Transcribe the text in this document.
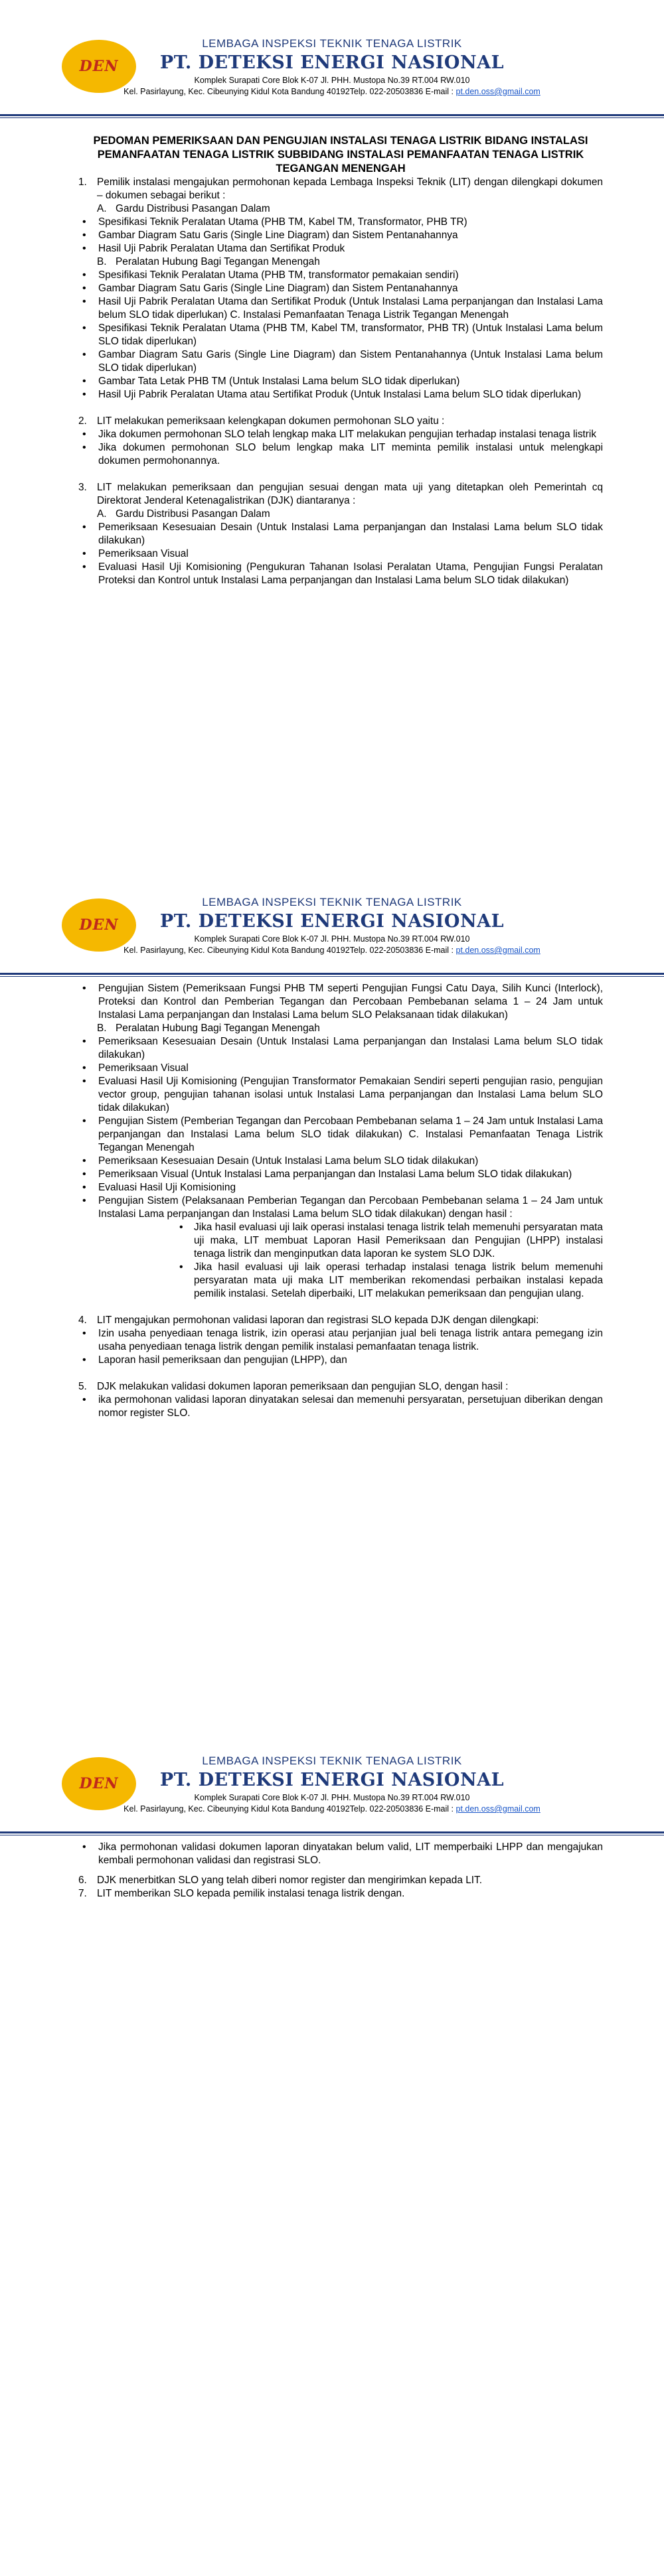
DEN
LEMBAGA INSPEKSI TEKNIK TENAGA LISTRIK
PT. DETEKSI ENERGI NASIONAL
Komplek Surapati Core Blok K-07 Jl. PHH. Mustopa No.39 RT.004 RW.010
Kel. Pasirlayung, Kec. Cibeunying Kidul Kota Bandung 40192Telp. 022-20503836 E-mail : pt.den.oss@gmail.com

PEDOMAN PEMERIKSAAN DAN PENGUJIAN INSTALASI TENAGA LISTRIK BIDANG INSTALASI PEMANFAATAN TENAGA LISTRIK SUBBIDANG INSTALASI PEMANFAATAN TENAGA LISTRIK TEGANGAN MENENGAH

1. Pemilik instalasi mengajukan permohonan kepada Lembaga Inspeksi Teknik (LIT) dengan dilengkapi dokumen – dokumen sebagai berikut :
A. Gardu Distribusi Pasangan Dalam
• Spesifikasi Teknik Peralatan Utama (PHB TM, Kabel TM, Transformator, PHB TR)
• Gambar Diagram Satu Garis (Single Line Diagram) dan Sistem Pentanahannya
• Hasil Uji Pabrik Peralatan Utama dan Sertifikat Produk
B. Peralatan Hubung Bagi Tegangan Menengah
• Spesifikasi Teknik Peralatan Utama (PHB TM, transformator pemakaian sendiri)
• Gambar Diagram Satu Garis (Single Line Diagram) dan Sistem Pentanahannya
• Hasil Uji Pabrik Peralatan Utama dan Sertifikat Produk (Untuk Instalasi Lama perpanjangan dan Instalasi Lama belum SLO tidak diperlukan) C. Instalasi Pemanfaatan Tenaga Listrik Tegangan Menengah
• Spesifikasi Teknik Peralatan Utama (PHB TM, Kabel TM, transformator, PHB TR) (Untuk Instalasi Lama belum SLO tidak diperlukan)
• Gambar Diagram Satu Garis (Single Line Diagram) dan Sistem Pentanahannya (Untuk Instalasi Lama belum SLO tidak diperlukan)
• Gambar Tata Letak PHB TM (Untuk Instalasi Lama belum SLO tidak diperlukan)
• Hasil Uji Pabrik Peralatan Utama atau Sertifikat Produk (Untuk Instalasi Lama belum SLO tidak diperlukan)
2. LIT melakukan pemeriksaan kelengkapan dokumen permohonan SLO yaitu :
• Jika dokumen permohonan SLO telah lengkap maka LIT melakukan pengujian terhadap instalasi tenaga listrik
• Jika dokumen permohonan SLO belum lengkap maka LIT meminta pemilik instalasi untuk melengkapi dokumen permohonannya.
3. LIT melakukan pemeriksaan dan pengujian sesuai dengan mata uji yang ditetapkan oleh Pemerintah cq Direktorat Jenderal Ketenagalistrikan (DJK) diantaranya :
A. Gardu Distribusi Pasangan Dalam
• Pemeriksaan Kesesuaian Desain (Untuk Instalasi Lama perpanjangan dan Instalasi Lama belum SLO tidak dilakukan)
• Pemeriksaan Visual
• Evaluasi Hasil Uji Komisioning (Pengukuran Tahanan Isolasi Peralatan Utama, Pengujian Fungsi Peralatan Proteksi dan Kontrol untuk Instalasi Lama perpanjangan dan Instalasi Lama belum SLO tidak dilakukan)
DEN
LEMBAGA INSPEKSI TEKNIK TENAGA LISTRIK
PT. DETEKSI ENERGI NASIONAL
Komplek Surapati Core Blok K-07 Jl. PHH. Mustopa No.39 RT.004 RW.010
Kel. Pasirlayung, Kec. Cibeunying Kidul Kota Bandung 40192Telp. 022-20503836 E-mail : pt.den.oss@gmail.com
• Pengujian Sistem (Pemeriksaan Fungsi PHB TM seperti Pengujian Fungsi Catu Daya, Silih Kunci (Interlock), Proteksi dan Kontrol dan Pemberian Tegangan dan Percobaan Pembebanan selama 1 – 24 Jam untuk Instalasi Lama perpanjangan dan Instalasi Lama belum SLO Pelaksanaan tidak dilakukan)
B. Peralatan Hubung Bagi Tegangan Menengah
• Pemeriksaan Kesesuaian Desain (Untuk Instalasi Lama perpanjangan dan Instalasi Lama belum SLO tidak dilakukan)
• Pemeriksaan Visual
• Evaluasi Hasil Uji Komisioning (Pengujian Transformator Pemakaian Sendiri seperti pengujian rasio, pengujian vector group, pengujian tahanan isolasi untuk Instalasi Lama perpanjangan dan Instalasi Lama belum SLO tidak dilakukan)
• Pengujian Sistem (Pemberian Tegangan dan Percobaan Pembebanan selama 1 – 24 Jam untuk Instalasi Lama perpanjangan dan Instalasi Lama belum SLO tidak dilakukan) C. Instalasi Pemanfaatan Tenaga Listrik Tegangan Menengah
• Pemeriksaan Kesesuaian Desain (Untuk Instalasi Lama belum SLO tidak dilakukan)
• Pemeriksaan Visual (Untuk Instalasi Lama perpanjangan dan Instalasi Lama belum SLO tidak dilakukan)
• Evaluasi Hasil Uji Komisioning
• Pengujian Sistem (Pelaksanaan Pemberian Tegangan dan Percobaan Pembebanan selama 1 – 24 Jam untuk Instalasi Lama perpanjangan dan Instalasi Lama belum SLO tidak dilakukan) dengan hasil :
• Jika hasil evaluasi uji laik operasi instalasi tenaga listrik telah memenuhi persyaratan mata uji maka, LIT membuat Laporan Hasil Pemeriksaan dan Pengujian (LHPP) instalasi tenaga listrik dan menginputkan data laporan ke system SLO DJK.
• Jika hasil evaluasi uji laik operasi terhadap instalasi tenaga listrik belum memenuhi persyaratan mata uji maka LIT memberikan rekomendasi perbaikan instalasi kepada pemilik instalasi. Setelah diperbaiki, LIT melakukan pemeriksaan dan pengujian ulang.
4. LIT mengajukan permohonan validasi laporan dan registrasi SLO kepada DJK dengan dilengkapi:
• Izin usaha penyediaan tenaga listrik, izin operasi atau perjanjian jual beli tenaga listrik antara pemegang izin usaha penyediaan tenaga listrik dengan pemilik instalasi pemanfaatan tenaga listrik.
• Laporan hasil pemeriksaan dan pengujian (LHPP), dan
5. DJK melakukan validasi dokumen laporan pemeriksaan dan pengujian SLO, dengan hasil :
• ika permohonan validasi laporan dinyatakan selesai dan memenuhi persyaratan, persetujuan diberikan dengan nomor register SLO.
DEN
LEMBAGA INSPEKSI TEKNIK TENAGA LISTRIK
PT. DETEKSI ENERGI NASIONAL
Komplek Surapati Core Blok K-07 Jl. PHH. Mustopa No.39 RT.004 RW.010
Kel. Pasirlayung, Kec. Cibeunying Kidul Kota Bandung 40192Telp. 022-20503836 E-mail : pt.den.oss@gmail.com
• Jika permohonan validasi dokumen laporan dinyatakan belum valid, LIT memperbaiki LHPP dan mengajukan kembali permohonan validasi dan registrasi SLO.
6. DJK menerbitkan SLO yang telah diberi nomor register dan mengirimkan kepada LIT.
7. LIT memberikan SLO kepada pemilik instalasi tenaga listrik dengan.
